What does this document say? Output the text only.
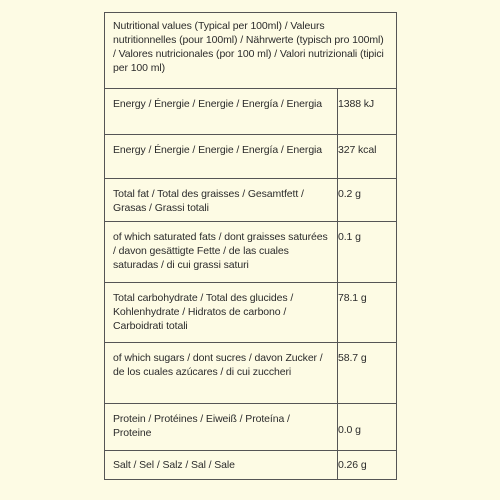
Nutritional values (Typical per 100ml) / Valeurs nutritionnelles (pour 100ml) / Nährwerte (typisch pro 100ml) / Valores nutricionales (por 100 ml) / Valori nutrizionali (tipici per 100 ml)	
Energy / Énergie / Energie / Energía / Energia	1388 kJ
Energy / Énergie / Energie / Energía / Energia	327 kcal
Total fat / Total des graisses / Gesamtfett / Grasas / Grassi totali	0.2 g
of which saturated fats / dont graisses saturées / davon gesättigte Fette / de las cuales saturadas / di cui grassi saturi	0.1 g
Total carbohydrate / Total des glucides / Kohlenhydrate / Hidratos de carbono / Carboidrati totali	78.1 g
of which sugars / dont sucres / davon Zucker / de los cuales azúcares / di cui zuccheri	58.7 g
Protein / Protéines / Eiweiß / Proteína / Proteine	0.0 g
Salt / Sel / Salz / Sal / Sale	0.26 g
